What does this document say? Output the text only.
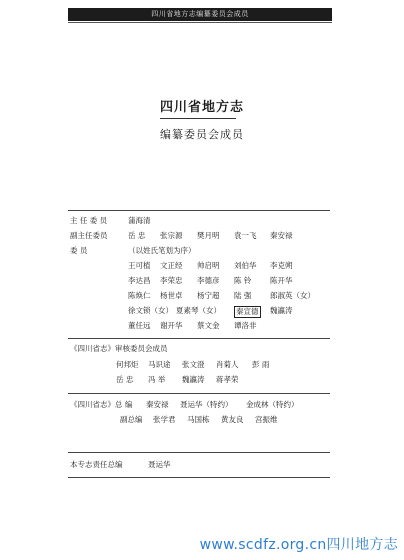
四川省地方志编纂委员会成员
四川省地方志
编纂委员会成员
主 任 委 员	蒲海清
副主任委员	岳 忠 张宗源 樊月明 袁一飞 秦安禄
委 员	（以姓氏笔划为序）
王可植 文正经 帅启明 刘伯华 李克朔
李达昌 李荣忠 李德彦 陈 铃 陈开华
陈焕仁 杨世卓 杨宁超 陆 强 郎淑英（女）
徐文锁（女） 夏素琴（女） 秦宣德 魏瀛涛
董任远 谢开华 蔡文金 谭洛非
《四川省志》审核委员会成员
何邦炬 马识途 张文澄 肖菊人 彭 雨
岳 忠 冯 举 魏瀛涛 蒋孝荣
《四川省志》总 编 秦安禄 聂运华（特约） 金成林（特约）
副总编 张学君 马国栋 黄友良 宫振维
本专志责任总编	聂运华
www.scdfz.org.cn四川地方志
